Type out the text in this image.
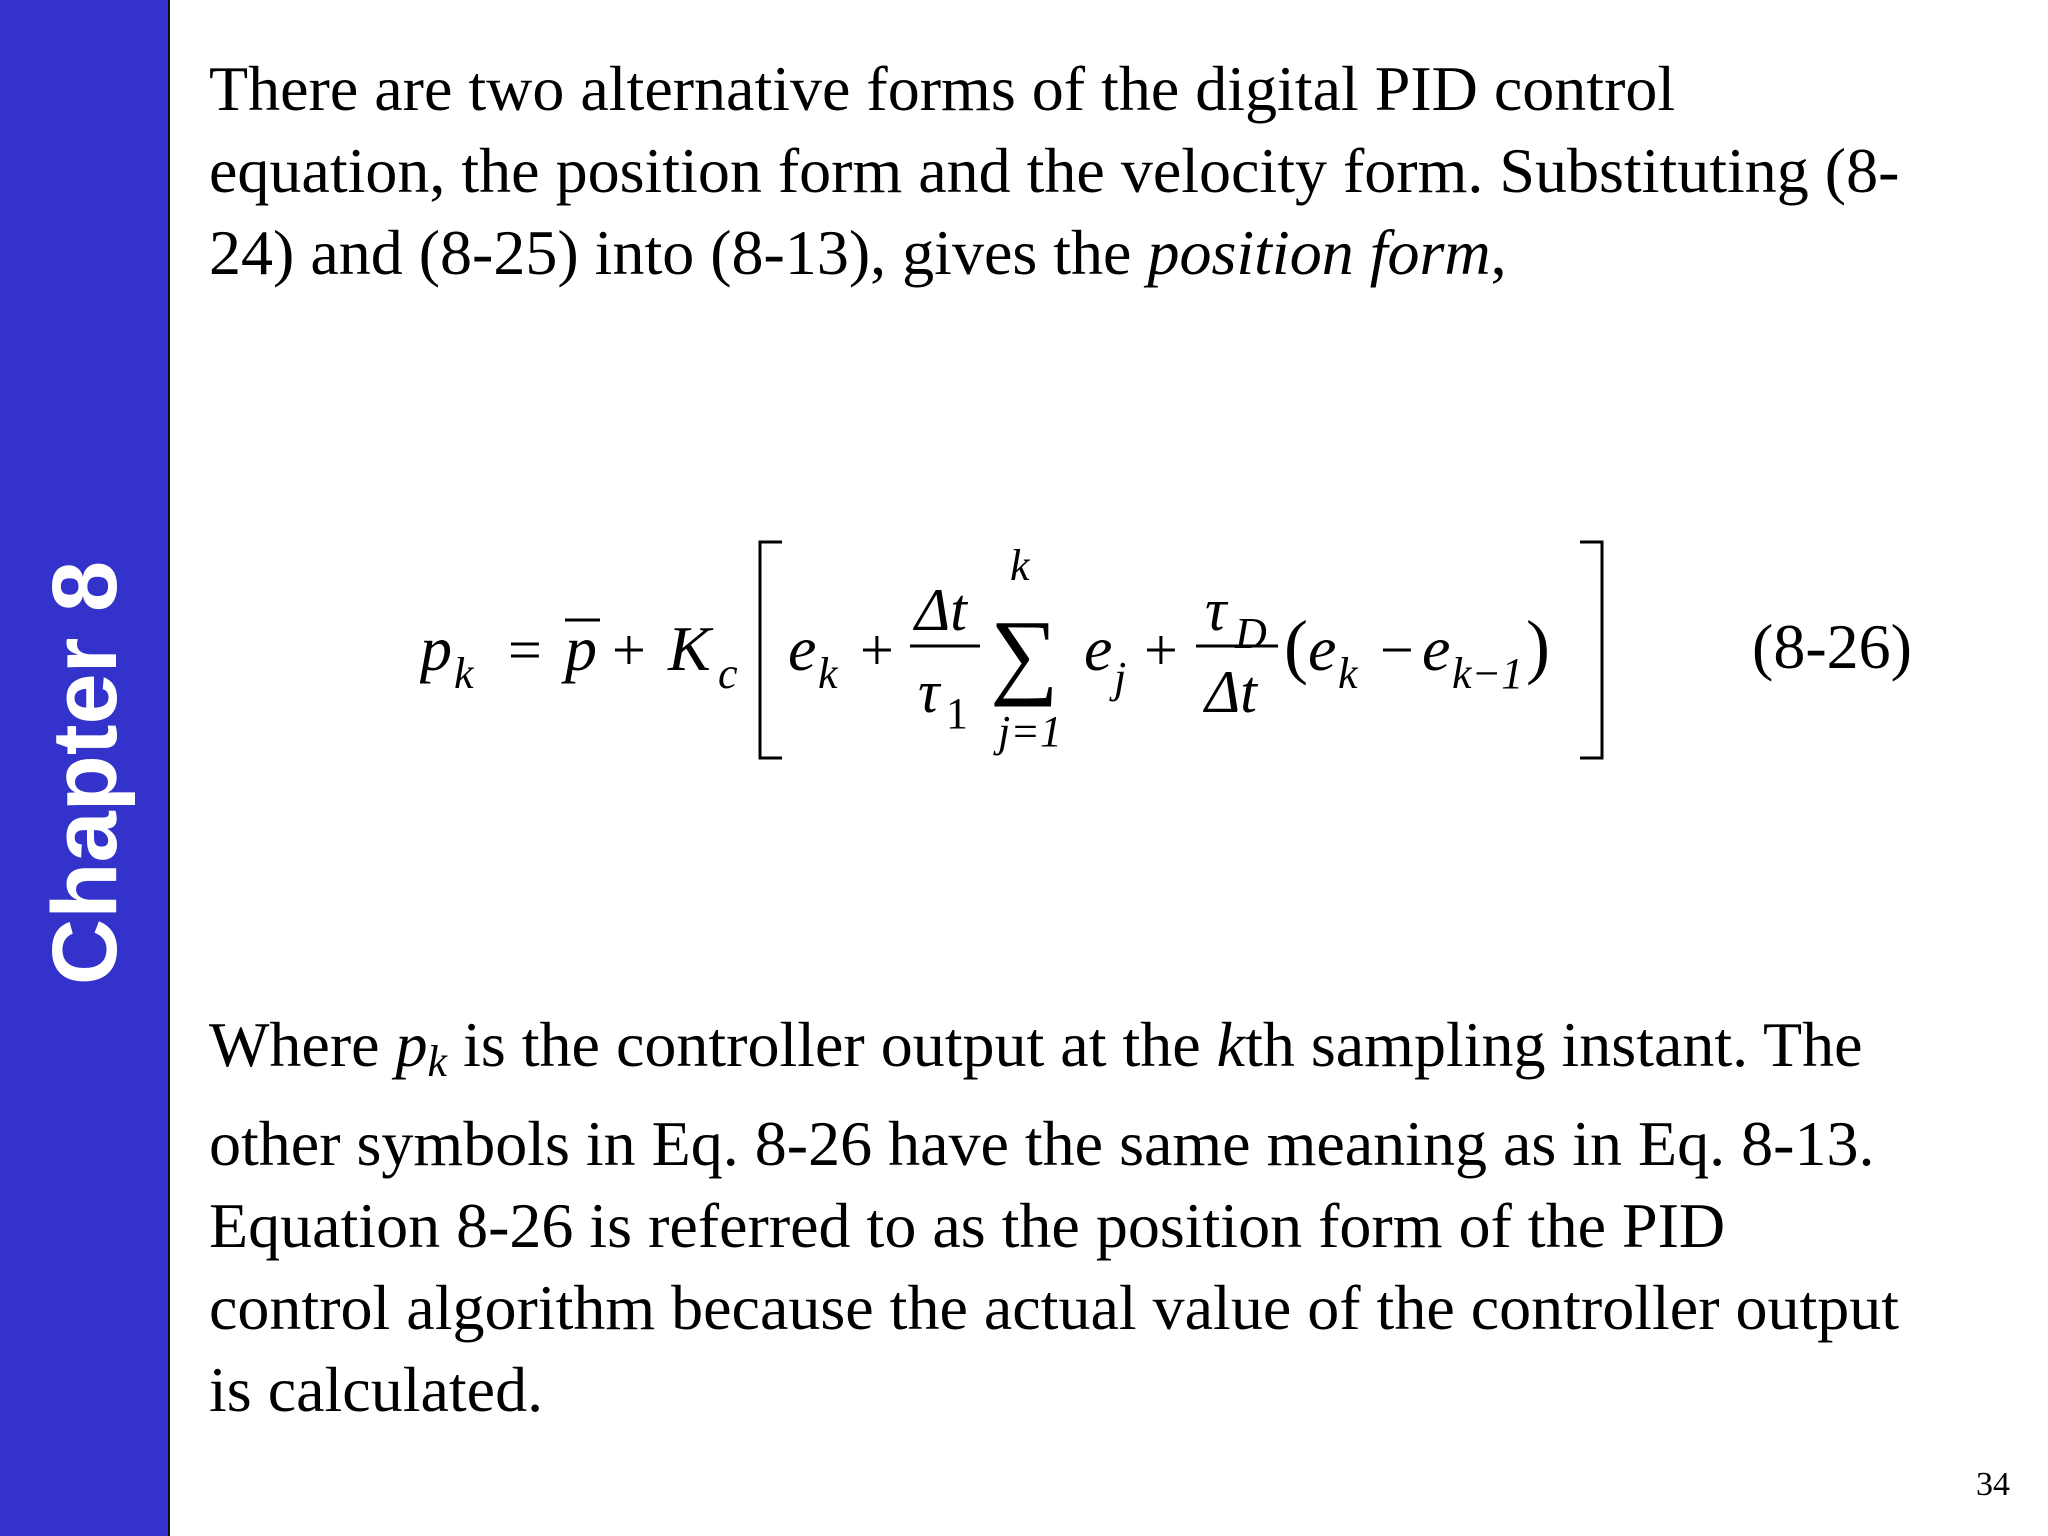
Chapter 8

There are two alternative forms of the digital PID control
equation, the position form and the velocity form. Substituting (8-
24) and (8-25) into (8-13), gives the position form,

p k = p + K c e k +
Δt
τ 1
k
∑
j=1
e j +
τ D
Δt
( e k − e k−1 )	(8-26)

Where $p_k$ is the controller output at the kth sampling instant. The
other symbols in Eq. 8-26 have the same meaning as in Eq. 8-13.
Equation 8-26 is referred to as the position form of the PID
control algorithm because the actual value of the controller output
is calculated.

34
